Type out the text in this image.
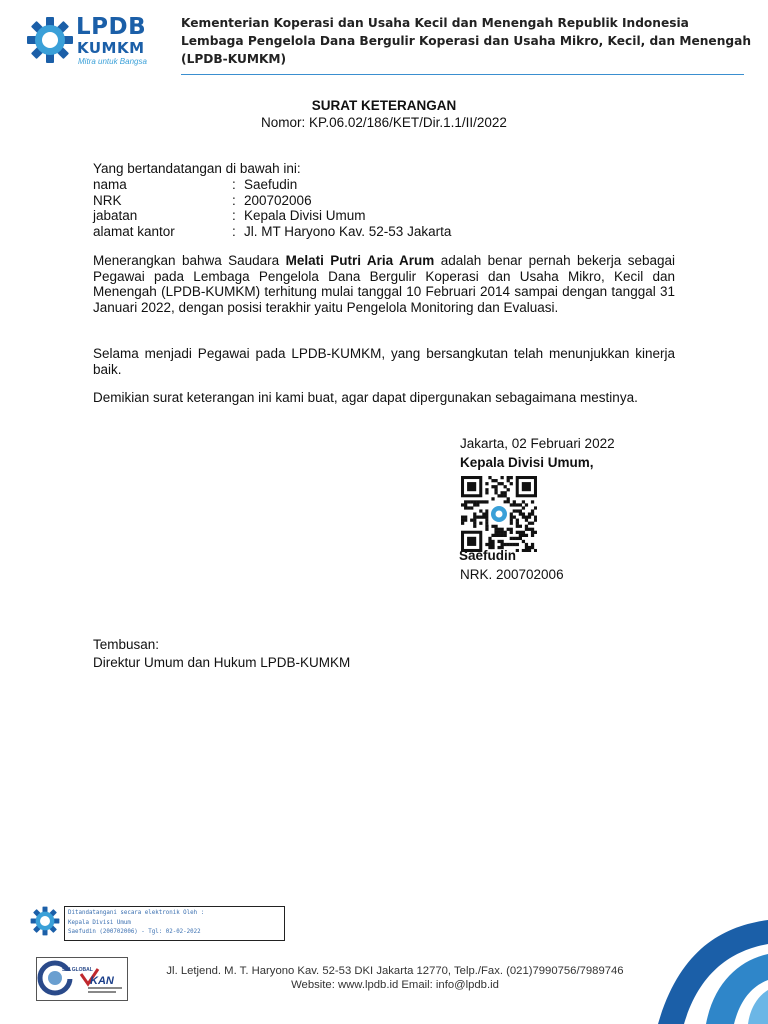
LPDB
KUMKM
Mitra untuk Bangsa
Kementerian Koperasi dan Usaha Kecil dan Menengah Republik Indonesia
Lembaga Pengelola Dana Bergulir Koperasi dan Usaha Mikro, Kecil, dan Menengah
(LPDB-KUMKM)
SURAT KETERANGAN
Nomor: KP.06.02/186/KET/Dir.1.1/II/2022
Yang bertandatangan di bawah ini:
nama	: Saefudin
NRK	: 200702006
jabatan	: Kepala Divisi Umum
alamat kantor	: Jl. MT Haryono Kav. 52-53 Jakarta
Menerangkan bahwa Saudara Melati Putri Aria Arum adalah benar pernah bekerja sebagai Pegawai pada Lembaga Pengelola Dana Bergulir Koperasi dan Usaha Mikro, Kecil dan Menengah (LPDB-KUMKM) terhitung mulai tanggal 10 Februari 2014 sampai dengan tanggal 31 Januari 2022, dengan posisi terakhir yaitu Pengelola Monitoring dan Evaluasi.
Selama menjadi Pegawai pada LPDB-KUMKM, yang bersangkutan telah menunjukkan kinerja baik.
Demikian surat keterangan ini kami buat, agar dapat dipergunakan sebagaimana mestinya.
Jakarta, 02 Februari 2022
Kepala Divisi Umum,
Saefudin
NRK. 200702006
Tembusan:
Direktur Umum dan Hukum LPDB-KUMKM
Ditandatangani secara elektronik Oleh :
Kepala Divisi Umum
Saefudin (200702006) - Tgl: 02-02-2022
SAI GLOBAL
KAN
Jl. Letjend. M. T. Haryono Kav. 52-53 DKI Jakarta 12770, Telp./Fax. (021)7990756/7989746
Website: www.lpdb.id Email: info@lpdb.id
